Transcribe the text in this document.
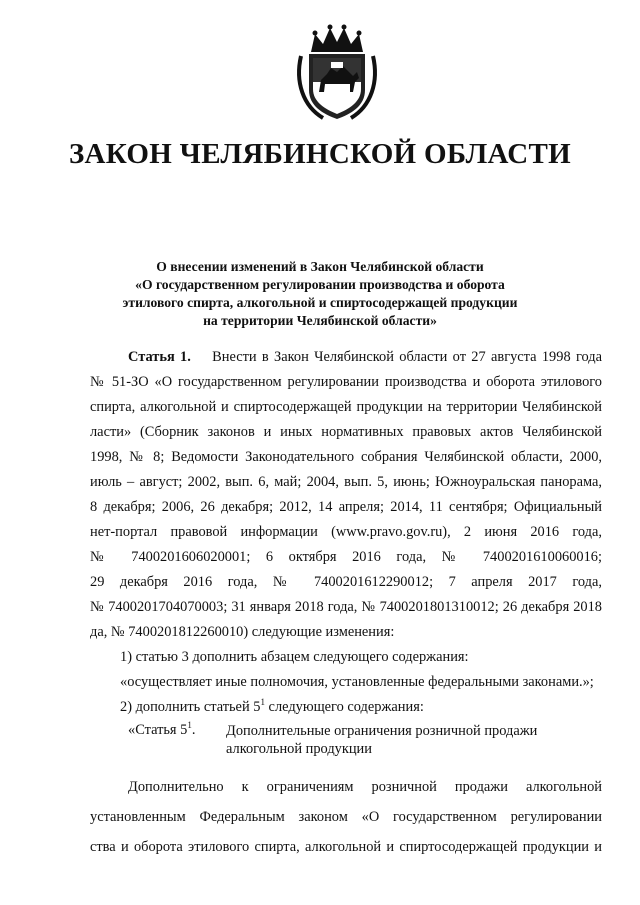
ЗАКОН ЧЕЛЯБИНСКОЙ ОБЛАСТИ
О внесении изменений в Закон Челябинской области
«О государственном регулировании производства и оборота
этилового спирта, алкогольной и спиртосодержащей продукции
на территории Челябинской области»
Статья 1. Внести в Закон Челябинской области от 27 августа 1998 года
№ 51-ЗО «О государственном регулировании производства и оборота этилового
спирта, алкогольной и спиртосодержащей продукции на территории Челябинской
ласти» (Сборник законов и иных нормативных правовых актов Челябинской
1998, № 8; Ведомости Законодательного собрания Челябинской области, 2000,
июль – август; 2002, вып. 6, май; 2004, вып. 5, июнь; Южноуральская панорама,
8 декабря; 2006, 26 декабря; 2012, 14 апреля; 2014, 11 сентября; Официальный
нет-портал правовой информации (www.pravo.gov.ru), 2 июня 2016 года,
№ 7400201606020001; 6 октября 2016 года, № 7400201610060016;
29 декабря 2016 года, № 7400201612290012; 7 апреля 2017 года,
№ 7400201704070003; 31 января 2018 года, № 7400201801310012; 26 декабря 2018
да, № 7400201812260010) следующие изменения:
1) статью 3 дополнить абзацем следующего содержания:
«осуществляет иные полномочия, установленные федеральными законами.»;
2) дополнить статьей $5^1$ следующего содержания:
«Статья $5^1$. Дополнительные ограничения розничной продажи алкогольной продукции
Дополнительно к ограничениям розничной продажи алкогольной
установленным Федеральным законом «О государственном регулировании
ства и оборота этилового спирта, алкогольной и спиртосодержащей продукции и
